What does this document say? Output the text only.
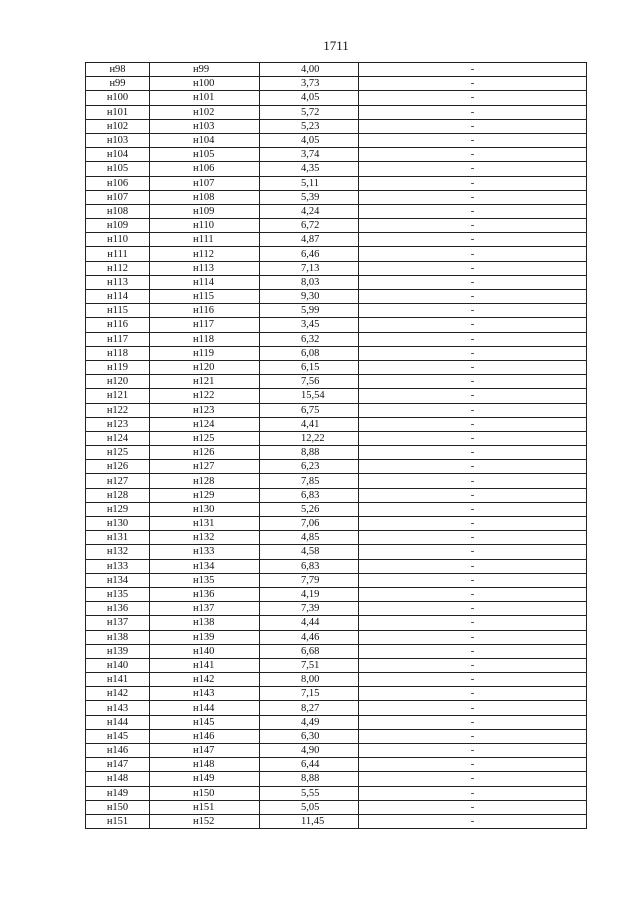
1711
н98	н99	4,00	-
н99	н100	3,73	-
н100	н101	4,05	-
н101	н102	5,72	-
н102	н103	5,23	-
н103	н104	4,05	-
н104	н105	3,74	-
н105	н106	4,35	-
н106	н107	5,11	-
н107	н108	5,39	-
н108	н109	4,24	-
н109	н110	6,72	-
н110	н111	4,87	-
н111	н112	6,46	-
н112	н113	7,13	-
н113	н114	8,03	-
н114	н115	9,30	-
н115	н116	5,99	-
н116	н117	3,45	-
н117	н118	6,32	-
н118	н119	6,08	-
н119	н120	6,15	-
н120	н121	7,56	-
н121	н122	15,54	-
н122	н123	6,75	-
н123	н124	4,41	-
н124	н125	12,22	-
н125	н126	8,88	-
н126	н127	6,23	-
н127	н128	7,85	-
н128	н129	6,83	-
н129	н130	5,26	-
н130	н131	7,06	-
н131	н132	4,85	-
н132	н133	4,58	-
н133	н134	6,83	-
н134	н135	7,79	-
н135	н136	4,19	-
н136	н137	7,39	-
н137	н138	4,44	-
н138	н139	4,46	-
н139	н140	6,68	-
н140	н141	7,51	-
н141	н142	8,00	-
н142	н143	7,15	-
н143	н144	8,27	-
н144	н145	4,49	-
н145	н146	6,30	-
н146	н147	4,90	-
н147	н148	6,44	-
н148	н149	8,88	-
н149	н150	5,55	-
н150	н151	5,05	-
н151	н152	11,45	-
